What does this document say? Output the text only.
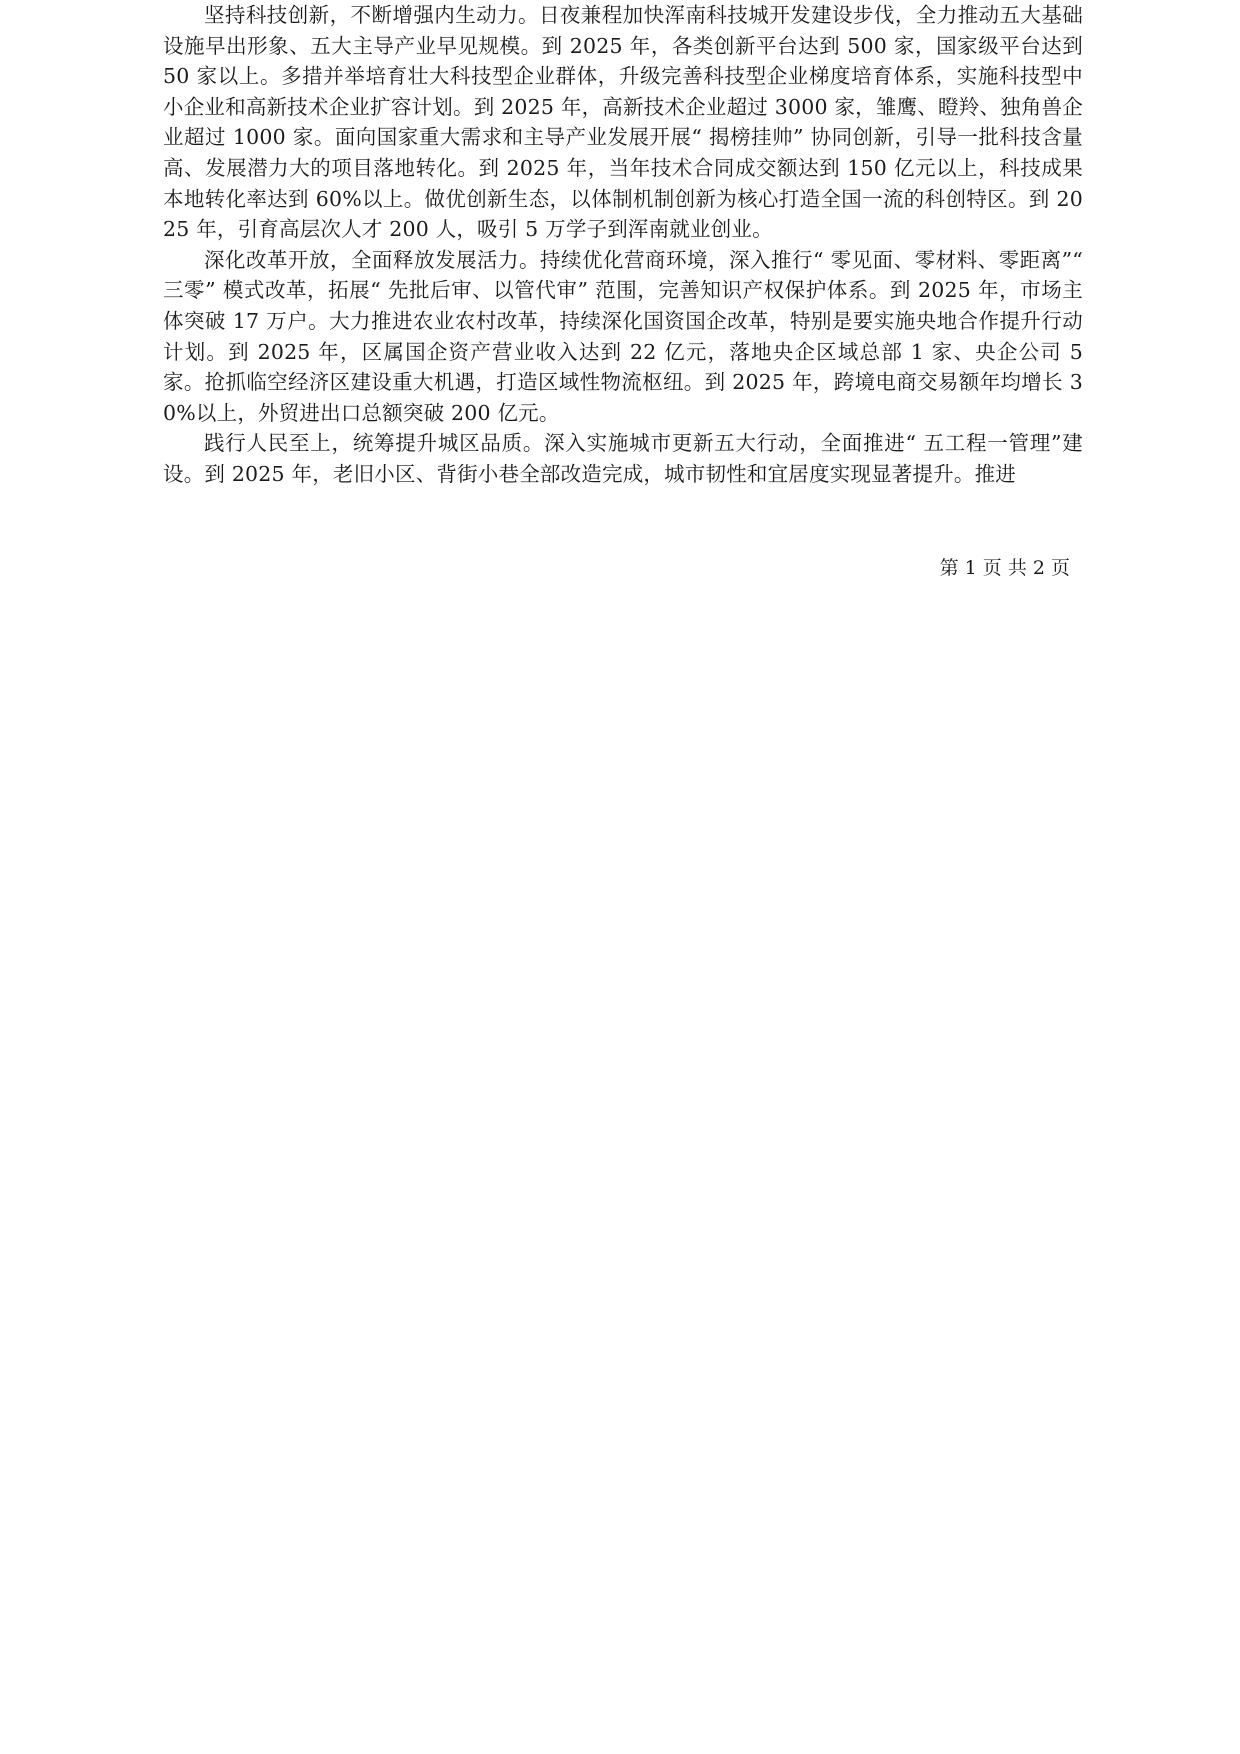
坚持科技创新，不断增强内生动力。日夜兼程加快浑南科技城开发建设步伐，全力推动五大基础设施早出形象、五大主导产业早见规模。到 2025 年，各类创新平台达到 500 家，国家级平台达到 50 家以上。多措并举培育壮大科技型企业群体，升级完善科技型企业梯度培育体系，实施科技型中小企业和高新技术企业扩容计划。到 2025 年，高新技术企业超过 3000 家，雏鹰、瞪羚、独角兽企业超过 1000 家。面向国家重大需求和主导产业发展开展“ 揭榜挂帅” 协同创新，引导一批科技含量高、发展潜力大的项目落地转化。到 2025 年，当年技术合同成交额达到 150 亿元以上，科技成果本地转化率达到 60%以上。做优创新生态，以体制机制创新为核心打造全国一流的科创特区。到 2025 年，引育高层次人才 200 人，吸引 5 万学子到浑南就业创业。

深化改革开放，全面释放发展活力。持续优化营商环境，深入推行“ 零见面、零材料、零距离”“ 三零” 模式改革，拓展“ 先批后审、以管代审” 范围，完善知识产权保护体系。到 2025 年，市场主体突破 17 万户。大力推进农业农村改革，持续深化国资国企改革，特别是要实施央地合作提升行动计划。到 2025 年，区属国企资产营业收入达到 22 亿元，落地央企区域总部 1 家、央企公司 5 家。抢抓临空经济区建设重大机遇，打造区域性物流枢纽。到 2025 年，跨境电商交易额年均增长 30%以上，外贸进出口总额突破 200 亿元。

践行人民至上，统筹提升城区品质。深入实施城市更新五大行动，全面推进“ 五工程一管理”建设。到 2025 年，老旧小区、背街小巷全部改造完成，城市韧性和宜居度实现显著提升。推进

第 1 页 共 2 页
